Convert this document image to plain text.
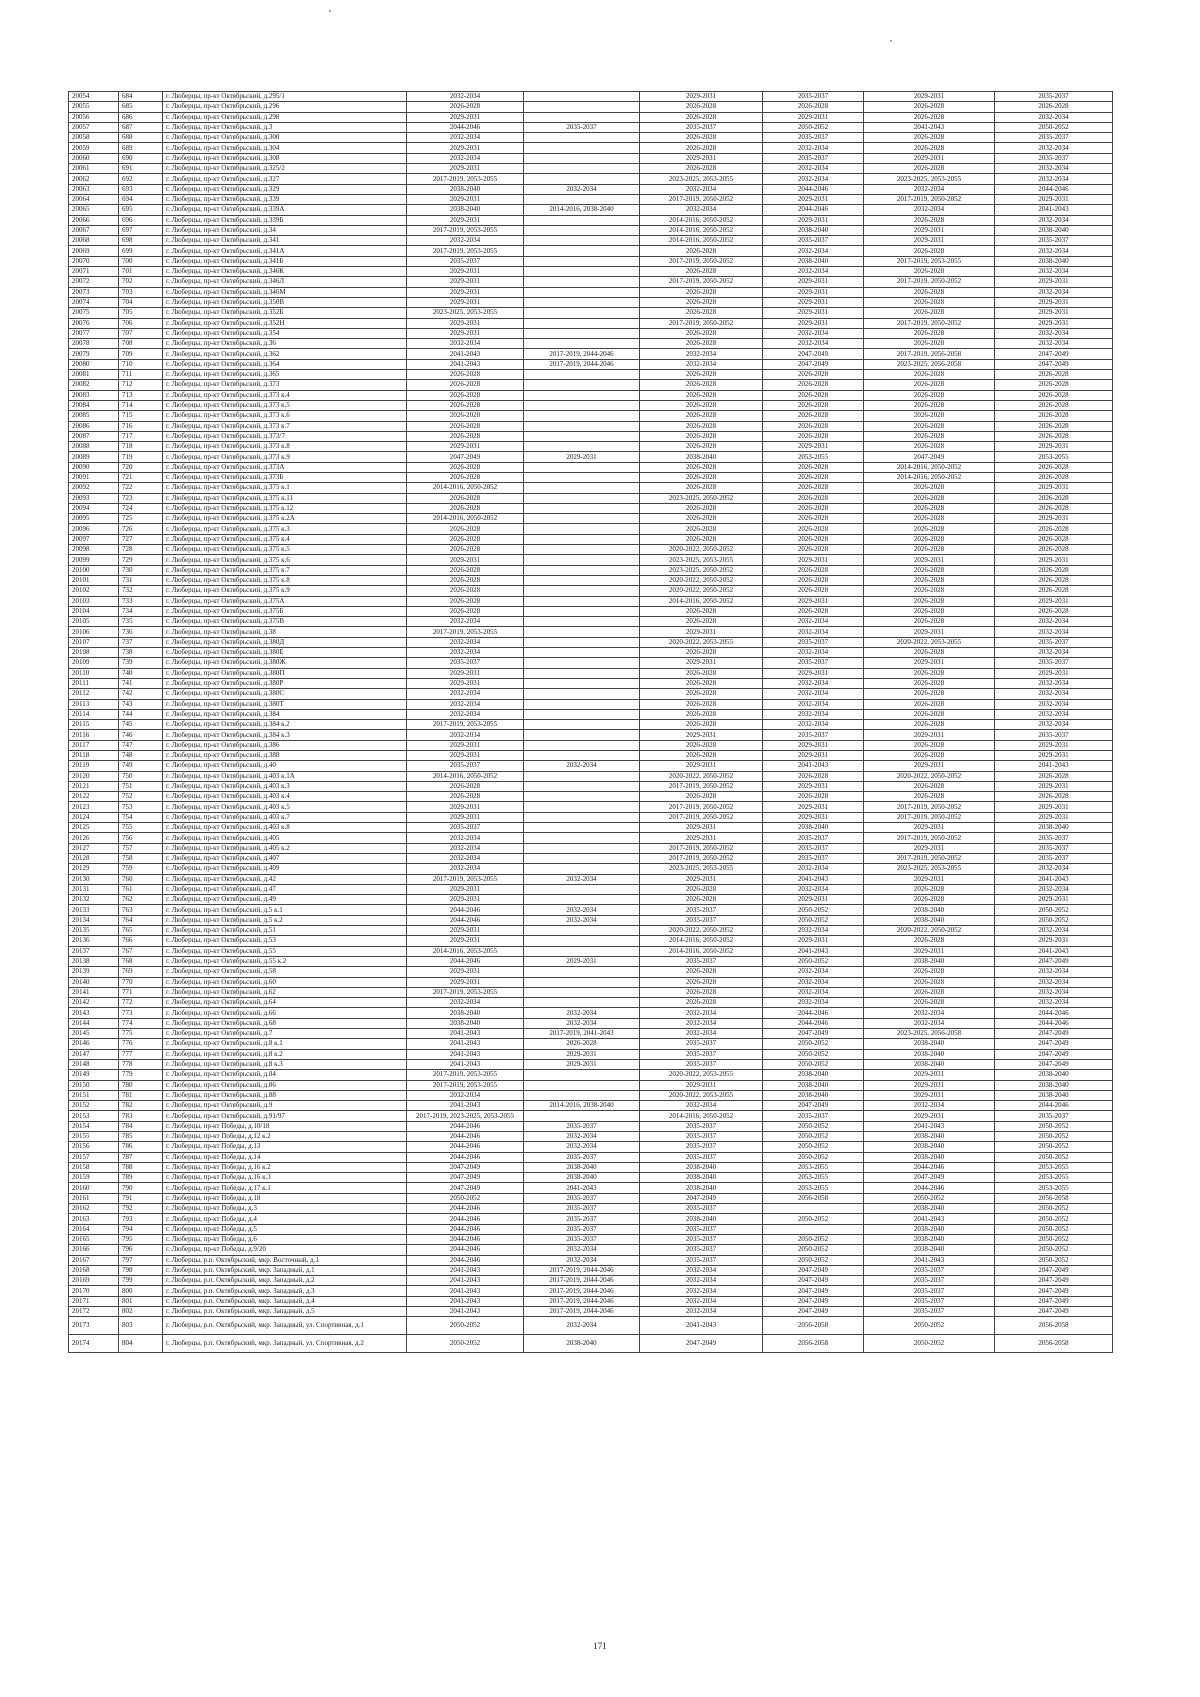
20054	684	г. Люберцы, пр-кт Октябрьский, д.295/1	2032-2034		2029-2031	2035-2037	2029-2031	2035-2037
20055	685	г. Люберцы, пр-кт Октябрьский, д.296	2026-2028		2026-2028	2026-2028	2026-2028	2026-2028
20056	686	г. Люберцы, пр-кт Октябрьский, д.298	2029-2031		2026-2028	2029-2031	2026-2028	2032-2034
20057	687	г. Люберцы, пр-кт Октябрьский, д.3	2044-2046	2035-2037	2035-2037	2050-2052	2041-2043	2050-2052
20058	688	г. Люберцы, пр-кт Октябрьский, д.300	2032-2034		2026-2028	2035-2037	2026-2028	2035-2037
20059	689	г. Люберцы, пр-кт Октябрьский, д.304	2029-2031		2026-2028	2032-2034	2026-2028	2032-2034
20060	690	г. Люберцы, пр-кт Октябрьский, д.308	2032-2034		2029-2031	2035-2037	2029-2031	2035-2037
20061	691	г. Люберцы, пр-кт Октябрьский, д.325/2	2029-2031		2026-2028	2032-2034	2026-2028	2032-2034
20062	692	г. Люберцы, пр-кт Октябрьский, д.327	2017-2019, 2053-2055		2023-2025, 2053-2055	2032-2034	2023-2025, 2053-2055	2032-2034
20063	693	г. Люберцы, пр-кт Октябрьский, д.329	2038-2040	2032-2034	2032-2034	2044-2046	2032-2034	2044-2046
20064	694	г. Люберцы, пр-кт Октябрьский, д.339	2029-2031		2017-2019, 2050-2052	2029-2031	2017-2019, 2050-2052	2029-2031
20065	695	г. Люберцы, пр-кт Октябрьский, д.339А	2038-2040	2014-2016, 2038-2040	2032-2034	2044-2046	2032-2034	2041-2043
20066	696	г. Люберцы, пр-кт Октябрьский, д.339Б	2029-2031		2014-2016, 2050-2052	2029-2031	2026-2028	2032-2034
20067	697	г. Люберцы, пр-кт Октябрьский, д.34	2017-2019, 2053-2055		2014-2016, 2050-2052	2038-2040	2029-2031	2038-2040
20068	698	г. Люберцы, пр-кт Октябрьский, д.341	2032-2034		2014-2016, 2050-2052	2035-2037	2029-2031	2035-2037
20069	699	г. Люберцы, пр-кт Октябрьский, д.341А	2017-2019, 2053-2055		2026-2028	2032-2034	2026-2028	2032-2034
20070	700	г. Люберцы, пр-кт Октябрьский, д.341Б	2035-2037		2017-2019, 2050-2052	2038-2040	2017-2019, 2053-2055	2038-2040
20071	701	г. Люберцы, пр-кт Октябрьский, д.346К	2029-2031		2026-2028	2032-2034	2026-2028	2032-2034
20072	702	г. Люберцы, пр-кт Октябрьский, д.346Л	2029-2031		2017-2019, 2050-2052	2029-2031	2017-2019, 2050-2052	2029-2031
20073	703	г. Люберцы, пр-кт Октябрьский, д.346М	2029-2031		2026-2028	2029-2031	2026-2028	2032-2034
20074	704	г. Люберцы, пр-кт Октябрьский, д.350В	2029-2031		2026-2028	2029-2031	2026-2028	2029-2031
20075	705	г. Люберцы, пр-кт Октябрьский, д.352Б	2023-2025, 2053-2055		2026-2028	2029-2031	2026-2028	2029-2031
20076	706	г. Люберцы, пр-кт Октябрьский, д.352Н	2029-2031		2017-2019, 2050-2052	2029-2031	2017-2019, 2050-2052	2029-2031
20077	707	г. Люберцы, пр-кт Октябрьский, д.354	2029-2031		2026-2028	2032-2034	2026-2028	2032-2034
20078	708	г. Люберцы, пр-кт Октябрьский, д.36	2032-2034		2026-2028	2032-2034	2026-2028	2032-2034
20079	709	г. Люберцы, пр-кт Октябрьский, д.362	2041-2043	2017-2019, 2044-2046	2032-2034	2047-2049	2017-2019, 2056-2058	2047-2049
20080	710	г. Люберцы, пр-кт Октябрьский, д.364	2041-2043	2017-2019, 2044-2046	2032-2034	2047-2049	2023-2025, 2056-2058	2047-2049
20081	711	г. Люберцы, пр-кт Октябрьский, д.365	2026-2028		2026-2028	2026-2028	2026-2028	2026-2028
20082	712	г. Люберцы, пр-кт Октябрьский, д.373	2026-2028		2026-2028	2026-2028	2026-2028	2026-2028
20083	713	г. Люберцы, пр-кт Октябрьский, д.373 к.4	2026-2028		2026-2028	2026-2028	2026-2028	2026-2028
20084	714	г. Люберцы, пр-кт Октябрьский, д.373 к.5	2026-2028		2026-2028	2026-2028	2026-2028	2026-2028
20085	715	г. Люберцы, пр-кт Октябрьский, д.373 к.6	2026-2028		2026-2028	2026-2028	2026-2028	2026-2028
20086	716	г. Люберцы, пр-кт Октябрьский, д.373 к.7	2026-2028		2026-2028	2026-2028	2026-2028	2026-2028
20087	717	г. Люберцы, пр-кт Октябрьский, д.373/7	2026-2028		2026-2028	2026-2028	2026-2028	2026-2028
20088	718	г. Люберцы, пр-кт Октябрьский, д.373 к.8	2029-2031		2026-2028	2029-2031	2026-2028	2029-2031
20089	719	г. Люберцы, пр-кт Октябрьский, д.373 к.9	2047-2049	2029-2031	2038-2040	2053-2055	2047-2049	2053-2055
20090	720	г. Люберцы, пр-кт Октябрьский, д.373А	2026-2028		2026-2028	2026-2028	2014-2016, 2050-2052	2026-2028
20091	721	г. Люберцы, пр-кт Октябрьский, д.373Б	2026-2028		2026-2028	2026-2028	2014-2016, 2050-2052	2026-2028
20092	722	г. Люберцы, пр-кт Октябрьский, д.375 к.1	2014-2016, 2050-2052		2026-2028	2026-2028	2026-2028	2029-2031
20093	723	г. Люберцы, пр-кт Октябрьский, д.375 к.11	2026-2028		2023-2025, 2050-2052	2026-2028	2026-2028	2026-2028
20094	724	г. Люберцы, пр-кт Октябрьский, д.375 к.12	2026-2028		2026-2028	2026-2028	2026-2028	2026-2028
20095	725	г. Люберцы, пр-кт Октябрьский, д.375 к.2А	2014-2016, 2050-2052		2026-2028	2026-2028	2026-2028	2029-2031
20096	726	г. Люберцы, пр-кт Октябрьский, д.375 к.3	2026-2028		2026-2028	2026-2028	2026-2028	2026-2028
20097	727	г. Люберцы, пр-кт Октябрьский, д.375 к.4	2026-2028		2026-2028	2026-2028	2026-2028	2026-2028
20098	728	г. Люберцы, пр-кт Октябрьский, д.375 к.5	2026-2028		2020-2022, 2050-2052	2026-2028	2026-2028	2026-2028
20099	729	г. Люберцы, пр-кт Октябрьский, д.375 к.6	2029-2031		2023-2025, 2053-2055	2029-2031	2029-2031	2029-2031
20100	730	г. Люберцы, пр-кт Октябрьский, д.375 к.7	2026-2028		2023-2025, 2050-2052	2026-2028	2026-2028	2026-2028
20101	731	г. Люберцы, пр-кт Октябрьский, д.375 к.8	2026-2028		2020-2022, 2050-2052	2026-2028	2026-2028	2026-2028
20102	732	г. Люберцы, пр-кт Октябрьский, д.375 к.9	2026-2028		2020-2022, 2050-2052	2026-2028	2026-2028	2026-2028
20103	733	г. Люберцы, пр-кт Октябрьский, д.375А	2026-2028		2014-2016, 2050-2052	2029-2031	2026-2028	2029-2031
20104	734	г. Люберцы, пр-кт Октябрьский, д.375Б	2026-2028		2026-2028	2026-2028	2026-2028	2026-2028
20105	735	г. Люберцы, пр-кт Октябрьский, д.375В	2032-2034		2026-2028	2032-2034	2026-2028	2032-2034
20106	736	г. Люберцы, пр-кт Октябрьский, д.38	2017-2019, 2053-2055		2029-2031	2032-2034	2029-2031	2032-2034
20107	737	г. Люберцы, пр-кт Октябрьский, д.380Д	2032-2034		2020-2022, 2053-2055	2035-2037	2020-2022, 2053-2055	2035-2037
20108	738	г. Люберцы, пр-кт Октябрьский, д.380Е	2032-2034		2026-2028	2032-2034	2026-2028	2032-2034
20109	739	г. Люберцы, пр-кт Октябрьский, д.380Ж	2035-2037		2029-2031	2035-2037	2029-2031	2035-2037
20110	740	г. Люберцы, пр-кт Октябрьский, д.380П	2029-2031		2026-2028	2029-2031	2026-2028	2029-2031
20111	741	г. Люберцы, пр-кт Октябрьский, д.380Р	2029-2031		2026-2028	2032-2034	2026-2028	2032-2034
20112	742	г. Люберцы, пр-кт Октябрьский, д.380С	2032-2034		2026-2028	2032-2034	2026-2028	2032-2034
20113	743	г. Люберцы, пр-кт Октябрьский, д.380Т	2032-2034		2026-2028	2032-2034	2026-2028	2032-2034
20114	744	г. Люберцы, пр-кт Октябрьский, д.384	2032-2034		2026-2028	2032-2034	2026-2028	2032-2034
20115	745	г. Люберцы, пр-кт Октябрьский, д.384 к.2	2017-2019, 2053-2055		2026-2028	2032-2034	2026-2028	2032-2034
20116	746	г. Люберцы, пр-кт Октябрьский, д.384 к.3	2032-2034		2029-2031	2035-2037	2029-2031	2035-2037
20117	747	г. Люберцы, пр-кт Октябрьский, д.386	2029-2031		2026-2028	2029-2031	2026-2028	2029-2031
20118	748	г. Люберцы, пр-кт Октябрьский, д.388	2029-2031		2026-2028	2029-2031	2026-2028	2029-2031
20119	749	г. Люберцы, пр-кт Октябрьский, д.40	2035-2037	2032-2034	2029-2031	2041-2043	2029-2031	2041-2043
20120	750	г. Люберцы, пр-кт Октябрьский, д.403 к.1А	2014-2016, 2050-2052		2020-2022, 2050-2052	2026-2028	2020-2022, 2050-2052	2026-2028
20121	751	г. Люберцы, пр-кт Октябрьский, д.403 к.3	2026-2028		2017-2019, 2050-2052	2029-2031	2026-2028	2029-2031
20122	752	г. Люберцы, пр-кт Октябрьский, д.403 к.4	2026-2028		2026-2028	2026-2028	2026-2028	2026-2028
20123	753	г. Люберцы, пр-кт Октябрьский, д.403 к.5	2029-2031		2017-2019, 2050-2052	2029-2031	2017-2019, 2050-2052	2029-2031
20124	754	г. Люберцы, пр-кт Октябрьский, д.403 к.7	2029-2031		2017-2019, 2050-2052	2029-2031	2017-2019, 2050-2052	2029-2031
20125	755	г. Люберцы, пр-кт Октябрьский, д.403 к.8	2035-2037		2029-2031	2038-2040	2029-2031	2038-2040
20126	756	г. Люберцы, пр-кт Октябрьский, д.405	2032-2034		2029-2031	2035-2037	2017-2019, 2050-2052	2035-2037
20127	757	г. Люберцы, пр-кт Октябрьский, д.405 к.2	2032-2034		2017-2019, 2050-2052	2035-2037	2029-2031	2035-2037
20128	758	г. Люберцы, пр-кт Октябрьский, д.407	2032-2034		2017-2019, 2050-2052	2035-2037	2017-2019, 2050-2052	2035-2037
20129	759	г. Люберцы, пр-кт Октябрьский, д.409	2032-2034		2023-2025, 2053-2055	2032-2034	2023-2025, 2053-2055	2032-2034
20130	760	г. Люберцы, пр-кт Октябрьский, д.42	2017-2019, 2053-2055	2032-2034	2029-2031	2041-2043	2029-2031	2041-2043
20131	761	г. Люберцы, пр-кт Октябрьский, д.47	2029-2031		2026-2028	2032-2034	2026-2028	2032-2034
20132	762	г. Люберцы, пр-кт Октябрьский, д.49	2029-2031		2026-2028	2029-2031	2026-2028	2029-2031
20133	763	г. Люберцы, пр-кт Октябрьский, д.5 к.1	2044-2046	2032-2034	2035-2037	2050-2052	2038-2040	2050-2052
20134	764	г. Люберцы, пр-кт Октябрьский, д.5 к.2	2044-2046	2032-2034	2035-2037	2050-2052	2038-2040	2050-2052
20135	765	г. Люберцы, пр-кт Октябрьский, д.51	2029-2031		2020-2022, 2050-2052	2032-2034	2020-2022, 2050-2052	2032-2034
20136	766	г. Люберцы, пр-кт Октябрьский, д.53	2029-2031		2014-2016, 2050-2052	2029-2031	2026-2028	2029-2031
20137	767	г. Люберцы, пр-кт Октябрьский, д.55	2014-2016, 2053-2055		2014-2016, 2050-2052	2041-2043	2029-2031	2041-2043
20138	768	г. Люберцы, пр-кт Октябрьский, д.55 к.2	2044-2046	2029-2031	2035-2037	2050-2052	2038-2040	2047-2049
20139	769	г. Люберцы, пр-кт Октябрьский, д.58	2029-2031		2026-2028	2032-2034	2026-2028	2032-2034
20140	770	г. Люберцы, пр-кт Октябрьский, д.60	2029-2031		2026-2028	2032-2034	2026-2028	2032-2034
20141	771	г. Люберцы, пр-кт Октябрьский, д.62	2017-2019, 2053-2055		2026-2028	2032-2034	2026-2028	2032-2034
20142	772	г. Люберцы, пр-кт Октябрьский, д.64	2032-2034		2026-2028	2032-2034	2026-2028	2032-2034
20143	773	г. Люберцы, пр-кт Октябрьский, д.66	2038-2040	2032-2034	2032-2034	2044-2046	2032-2034	2044-2046
20144	774	г. Люберцы, пр-кт Октябрьский, д.68	2038-2040	2032-2034	2032-2034	2044-2046	2032-2034	2044-2046
20145	775	г. Люберцы, пр-кт Октябрьский, д.7	2041-2043	2017-2019, 2041-2043	2032-2034	2047-2049	2023-2025, 2056-2058	2047-2049
20146	776	г. Люберцы, пр-кт Октябрьский, д.8 к.1	2041-2043	2026-2028	2035-2037	2050-2052	2038-2040	2047-2049
20147	777	г. Люберцы, пр-кт Октябрьский, д.8 к.2	2041-2043	2029-2031	2035-2037	2050-2052	2038-2040	2047-2049
20148	778	г. Люберцы, пр-кт Октябрьский, д.8 к.3	2041-2043	2029-2031	2035-2037	2050-2052	2038-2040	2047-2049
20149	779	г. Люберцы, пр-кт Октябрьский, д.84	2017-2019, 2053-2055		2020-2022, 2053-2055	2038-2040	2029-2031	2038-2040
20150	780	г. Люберцы, пр-кт Октябрьский, д.86	2017-2019, 2053-2055		2029-2031	2038-2040	2029-2031	2038-2040
20151	781	г. Люберцы, пр-кт Октябрьский, д.88	2032-2034		2020-2022, 2053-2055	2038-2040	2029-2031	2038-2040
20152	782	г. Люберцы, пр-кт Октябрьский, д.9	2041-2043	2014-2016, 2038-2040	2032-2034	2047-2049	2032-2034	2044-2046
20153	783	г. Люберцы, пр-кт Октябрьский, д.91/97	2017-2019, 2023-2025, 2053-2055		2014-2016, 2050-2052	2035-2037	2029-2031	2035-2037
20154	784	г. Люберцы, пр-кт Победы, д.10/18	2044-2046	2035-2037	2035-2037	2050-2052	2041-2043	2050-2052
20155	785	г. Люберцы, пр-кт Победы, д.12 к.2	2044-2046	2032-2034	2035-2037	2050-2052	2038-2040	2050-2052
20156	786	г. Люберцы, пр-кт Победы, д.13	2044-2046	2032-2034	2035-2037	2050-2052	2038-2040	2050-2052
20157	787	г. Люберцы, пр-кт Победы, д.14	2044-2046	2035-2037	2035-2037	2050-2052	2038-2040	2050-2052
20158	788	г. Люберцы, пр-кт Победы, д.16 к.2	2047-2049	2038-2040	2038-2040	2053-2055	2044-2046	2053-2055
20159	789	г. Люберцы, пр-кт Победы, д.16 к.3	2047-2049	2038-2040	2038-2040	2053-2055	2047-2049	2053-2055
20160	790	г. Люберцы, пр-кт Победы, д.17 к.1	2047-2049	2041-2043	2038-2040	2053-2055	2044-2046	2053-2055
20161	791	г. Люберцы, пр-кт Победы, д.18	2050-2052	2035-2037	2047-2049	2056-2058	2050-2052	2056-2058
20162	792	г. Люберцы, пр-кт Победы, д.3	2044-2046	2035-2037	2035-2037		2038-2040	2050-2052
20163	793	г. Люберцы, пр-кт Победы, д.4	2044-2046	2035-2037	2038-2040	2050-2052	2041-2043	2050-2052
20164	794	г. Люберцы, пр-кт Победы, д.5	2044-2046	2035-2037	2035-2037		2038-2040	2050-2052
20165	795	г. Люберцы, пр-кт Победы, д.6	2044-2046	2035-2037	2035-2037	2050-2052	2038-2040	2050-2052
20166	796	г. Люберцы, пр-кт Победы, д.9/20	2044-2046	2032-2034	2035-2037	2050-2052	2038-2040	2050-2052
20167	797	г. Люберцы, р.п. Октябрьский, мкр. Восточный, д.1	2044-2046	2032-2034	2035-2037	2050-2052	2041-2043	2050-2052
20168	798	г. Люберцы, р.п. Октябрьский, мкр. Западный, д.1	2041-2043	2017-2019, 2044-2046	2032-2034	2047-2049	2035-2037	2047-2049
20169	799	г. Люберцы, р.п. Октябрьский, мкр. Западный, д.2	2041-2043	2017-2019, 2044-2046	2032-2034	2047-2049	2035-2037	2047-2049
20170	800	г. Люберцы, р.п. Октябрьский, мкр. Западный, д.3	2041-2043	2017-2019, 2044-2046	2032-2034	2047-2049	2035-2037	2047-2049
20171	801	г. Люберцы, р.п. Октябрьский, мкр. Западный, д.4	2041-2043	2017-2019, 2044-2046	2032-2034	2047-2049	2035-2037	2047-2049
20172	802	г. Люберцы, р.п. Октябрьский, мкр. Западный, д.5	2041-2043	2017-2019, 2044-2046	2032-2034	2047-2049	2035-2037	2047-2049
20173	803	г. Люберцы, р.п. Октябрьский, мкр. Западный, ул. Спортивная, д.1	2050-2052	2032-2034	2041-2043	2056-2058	2050-2052	2056-2058
20174	804	г. Люберцы, р.п. Октябрьский, мкр. Западный, ул. Спортивная, д.2	2050-2052	2038-2040	2047-2049	2056-2058	2050-2052	2056-2058
171
